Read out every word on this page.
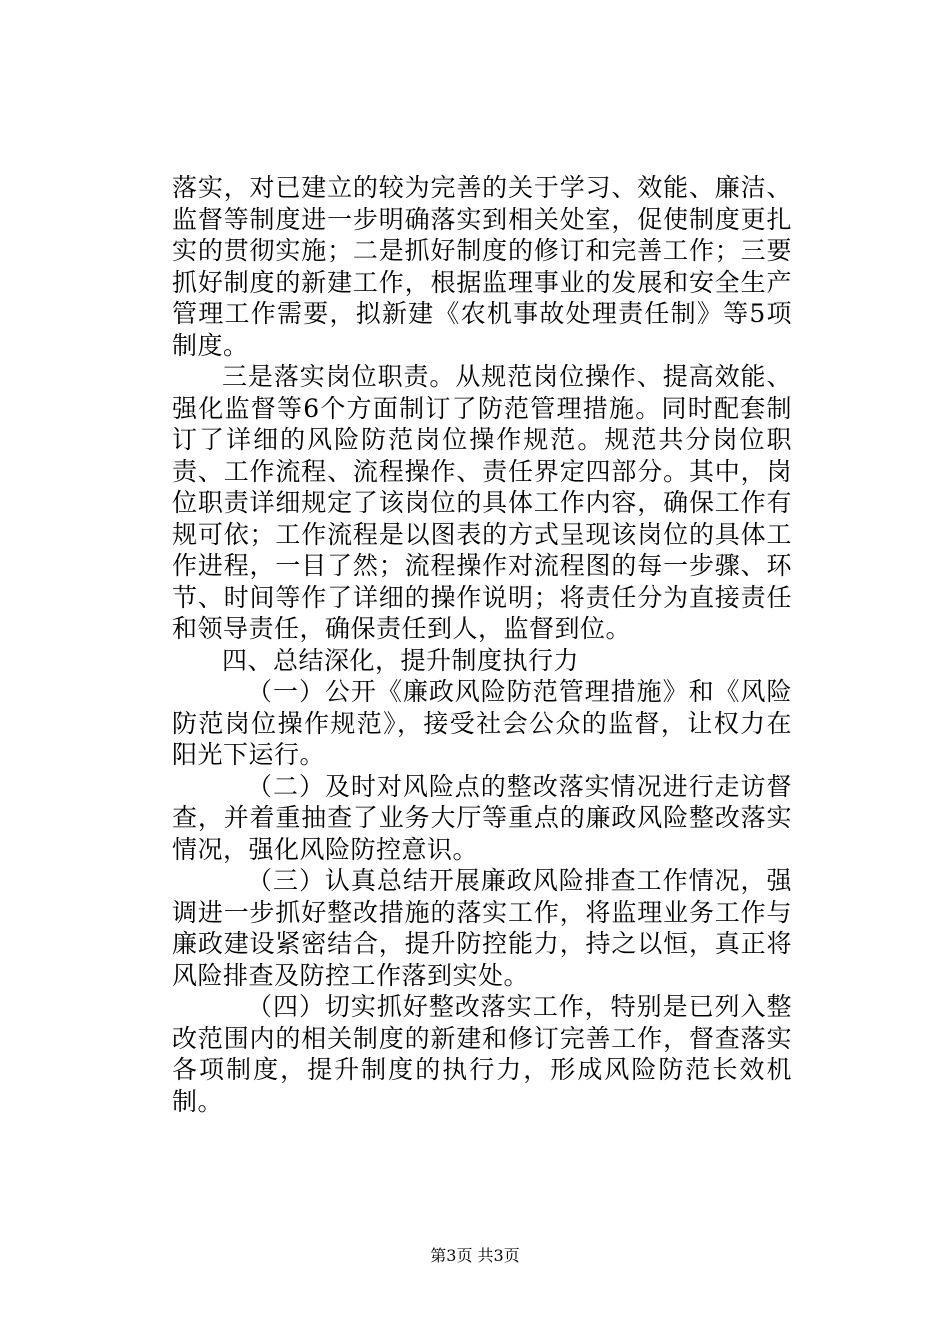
落实，对已建立的较为完善的关于学习、效能、廉洁、监督等制度进一步明确落实到相关处室，促使制度更扎实的贯彻实施；二是抓好制度的修订和完善工作；三要抓好制度的新建工作，根据监理事业的发展和安全生产管理工作需要，拟新建《农机事故处理责任制》等5项制度。

三是落实岗位职责。从规范岗位操作、提高效能、强化监督等6个方面制订了防范管理措施。同时配套制订了详细的风险防范岗位操作规范。规范共分岗位职责、工作流程、流程操作、责任界定四部分。其中，岗位职责详细规定了该岗位的具体工作内容，确保工作有规可依；工作流程是以图表的方式呈现该岗位的具体工作进程，一目了然；流程操作对流程图的每一步骤、环节、时间等作了详细的操作说明；将责任分为直接责任和领导责任，确保责任到人，监督到位。

四、总结深化，提升制度执行力

（一）公开《廉政风险防范管理措施》和《风险防范岗位操作规范》，接受社会公众的监督，让权力在阳光下运行。

（二）及时对风险点的整改落实情况进行走访督查，并着重抽查了业务大厅等重点的廉政风险整改落实情况，强化风险防控意识。

（三）认真总结开展廉政风险排查工作情况，强调进一步抓好整改措施的落实工作，将监理业务工作与廉政建设紧密结合，提升防控能力，持之以恒，真正将风险排查及防控工作落到实处。

（四）切实抓好整改落实工作，特别是已列入整改范围内的相关制度的新建和修订完善工作，督查落实各项制度，提升制度的执行力，形成风险防范长效机制。

第3页 共3页
